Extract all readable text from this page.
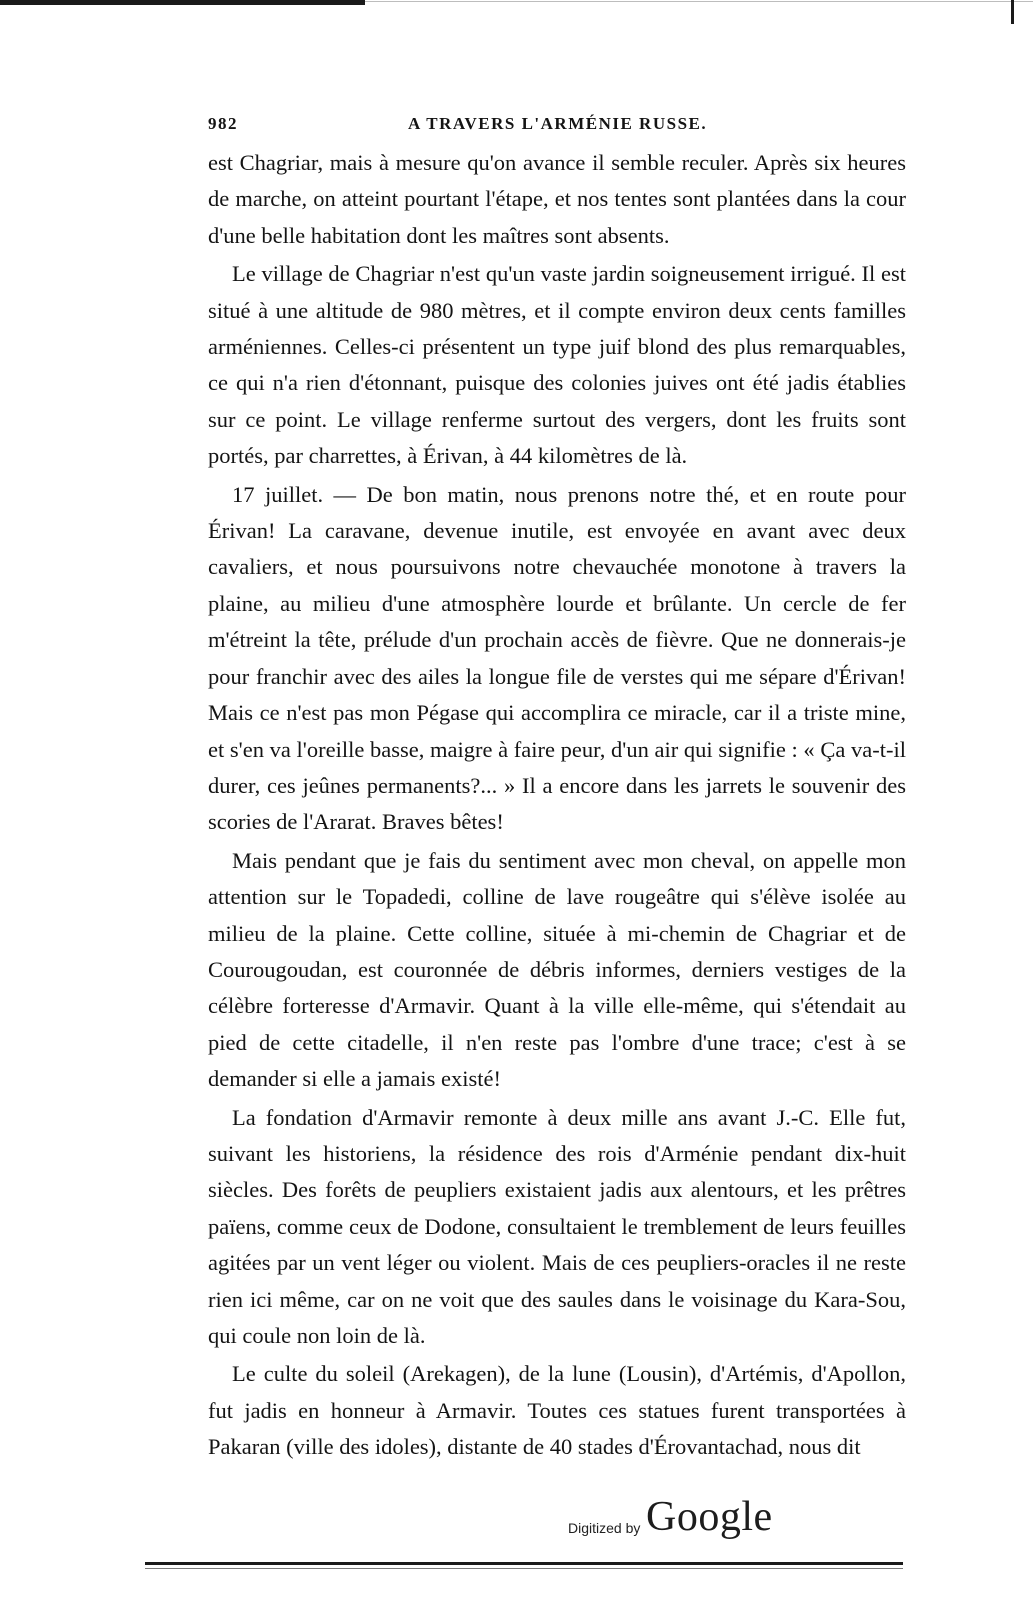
982	A TRAVERS L'ARMÉNIE RUSSE.

est Chagriar, mais à mesure qu'on avance il semble reculer. Après six heures de marche, on atteint pourtant l'étape, et nos tentes sont plantées dans la cour d'une belle habitation dont les maîtres sont absents.

Le village de Chagriar n'est qu'un vaste jardin soigneusement irrigué. Il est situé à une altitude de 980 mètres, et il compte environ deux cents familles arméniennes. Celles-ci présentent un type juif blond des plus remarquables, ce qui n'a rien d'étonnant, puisque des colonies juives ont été jadis établies sur ce point. Le village renferme surtout des vergers, dont les fruits sont portés, par charrettes, à Érivan, à 44 kilomètres de là.

17 juillet. — De bon matin, nous prenons notre thé, et en route pour Érivan! La caravane, devenue inutile, est envoyée en avant avec deux cavaliers, et nous poursuivons notre chevauchée monotone à travers la plaine, au milieu d'une atmosphère lourde et brûlante. Un cercle de fer m'étreint la tête, prélude d'un prochain accès de fièvre. Que ne donnerais-je pour franchir avec des ailes la longue file de verstes qui me sépare d'Érivan! Mais ce n'est pas mon Pégase qui accomplira ce miracle, car il a triste mine, et s'en va l'oreille basse, maigre à faire peur, d'un air qui signifie : « Ça va-t-il durer, ces jeûnes permanents?... » Il a encore dans les jarrets le souvenir des scories de l'Ararat. Braves bêtes!

Mais pendant que je fais du sentiment avec mon cheval, on appelle mon attention sur le Topadedi, colline de lave rougeâtre qui s'élève isolée au milieu de la plaine. Cette colline, située à mi-chemin de Chagriar et de Courougoudan, est couronnée de débris informes, derniers vestiges de la célèbre forteresse d'Armavir. Quant à la ville elle-même, qui s'étendait au pied de cette citadelle, il n'en reste pas l'ombre d'une trace; c'est à se demander si elle a jamais existé!

La fondation d'Armavir remonte à deux mille ans avant J.-C. Elle fut, suivant les historiens, la résidence des rois d'Arménie pendant dix-huit siècles. Des forêts de peupliers existaient jadis aux alentours, et les prêtres païens, comme ceux de Dodone, consultaient le tremblement de leurs feuilles agitées par un vent léger ou violent. Mais de ces peupliers-oracles il ne reste rien ici même, car on ne voit que des saules dans le voisinage du Kara-Sou, qui coule non loin de là.

Le culte du soleil (Arekagen), de la lune (Lousin), d'Artémis, d'Apollon, fut jadis en honneur à Armavir. Toutes ces statues furent transportées à Pakaran (ville des idoles), distante de 40 stades d'Érovantachad, nous dit

Digitized by Google
